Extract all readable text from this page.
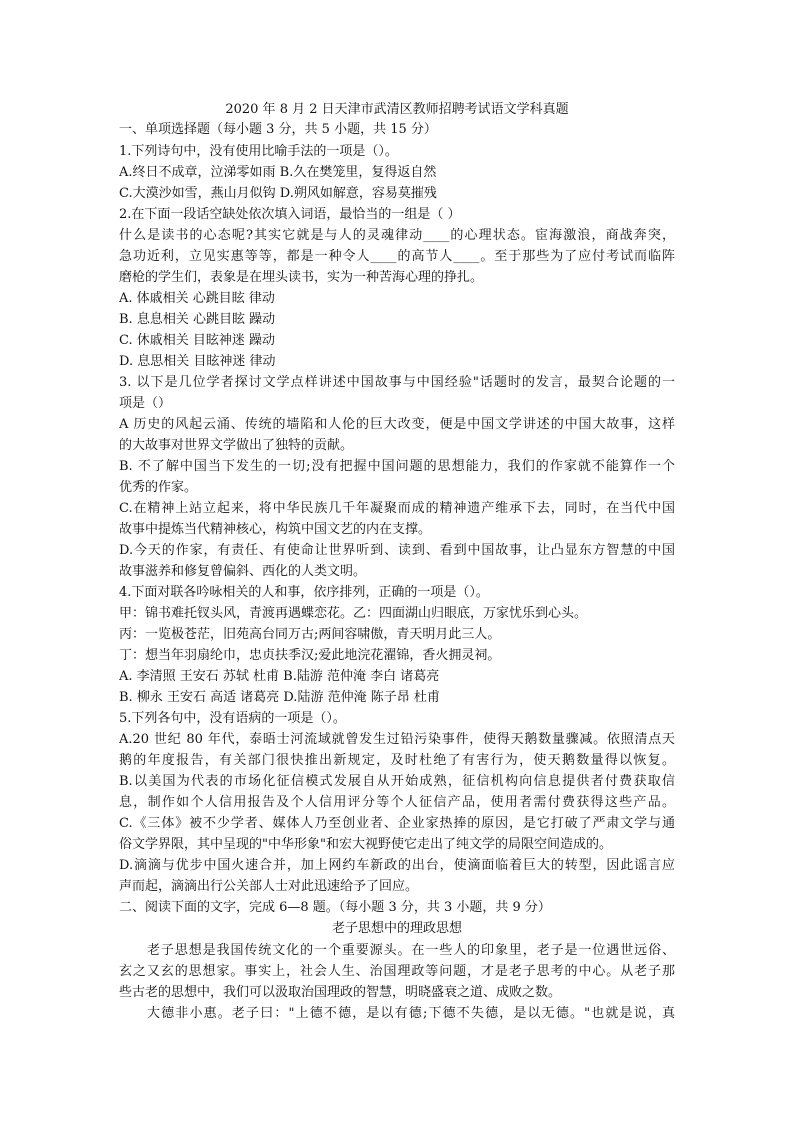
2020 年 8 月 2 日天津市武清区教师招聘考试语文学科真题
一、单项选择题（每小题 3 分，共 5 小题，共 15 分）
1.下列诗句中，没有使用比喻手法的一项是（）。
A.终日不成章，泣涕零如雨 B.久在樊笼里，复得返自然
C.大漠沙如雪，燕山月似钩 D.朔风如解意，容易莫摧残
2.在下面一段话空缺处依次填入词语，最恰当的一组是（ ）
什么是读书的心态呢?其实它就是与人的灵魂律动____的心理状态。宦海激浪，商战奔突，
急功近利，立见实惠等等，都是一种令人____的高节人____。至于那些为了应付考试而临阵
磨枪的学生们，表象是在埋头读书，实为一种苦海心理的挣扎。
A. 体戚相关 心跳目眩 律动
B. 息息相关 心跳目眩 躁动
C. 休戚相关 目眩神迷 躁动
D. 息思相关 目眩神迷 律动
3. 以下是几位学者探讨文学点样讲述中国故事与中国经验"话题时的发言，最契合论题的一
项是（）
A 历史的风起云涌、传统的墙陷和人伦的巨大改变，便是中国文学讲述的中国大故事，这样
的大故事对世界文学做出了独特的贡献。
B. 不了解中国当下发生的一切;没有把握中国问题的思想能力，我们的作家就不能算作一个
优秀的作家。
C.在精神上站立起来，将中华民族几千年凝聚而成的精神遗产维承下去，同时，在当代中国
故事中提炼当代精神核心，构筑中国文艺的内在支撑。
D.今天的作家，有责任、有使命让世界听到、读到、看到中国故事，让凸显东方智慧的中国
故事滋养和修复曾偏斜、西化的人类文明。
4.下面对联各吟咏相关的人和事，依序排列，正确的一项是（）。
甲：锦书难托钗头风，青渡再遇蝶恋花。乙：四面湖山归眼底，万家忧乐到心头。
丙：一览极苍茫，旧苑高台同万古;两间容啸傲，青天明月此三人。
丁：想当年羽扇纶巾，忠贞扶季汉;爱此地浣花濯锦，香火拥灵祠。
A. 李清照 王安石 苏轼 杜甫 B.陆游 范仲淹 李白 诸葛亮
B. 柳永 王安石 高适 诸葛亮 D.陆游 范仲淹 陈子昂 杜甫
5.下列各句中，没有语病的一项是（）。
A.20 世纪 80 年代，泰晤士河流域就曾发生过铅污染事件，使得天鹅数量骤减。依照清点天
鹅的年度报告，有关部门很快推出新规定，及时杜绝了有害行为，使天鹅数量得以恢复。
B.以美国为代表的市场化征信模式发展自从开始成熟，征信机构向信息提供者付费获取信
息，制作如个人信用报告及个人信用评分等个人征信产品，使用者需付费获得这些产品。
C.《三体》被不少学者、媒体人乃至创业者、企业家热捧的原因，是它打破了严肃文学与通
俗文学界限，其中呈现的"中华形象"和宏大视野使它走出了纯文学的局限空间造成的。
D.滴滴与优步中国火速合并，加上网约车新政的出台，使滴面临着巨大的转型，因此谣言应
声而起，滴滴出行公关部人士对此迅速给予了回应。
二、阅读下面的文字，完成 6—8 题。（每小题 3 分，共 3 小题，共 9 分）
老子思想中的理政思想
老子思想是我国传统文化的一个重要源头。在一些人的印象里，老子是一位遇世远俗、
玄之又玄的思想家。事实上，社会人生、治国理政等问题，才是老子思考的中心。从老子那
些古老的思想中，我们可以汲取治国理政的智慧，明晓盛衰之道、成败之数。
大德非小惠。老子曰："上德不德，是以有德;下德不失德，是以无德。"也就是说，真
